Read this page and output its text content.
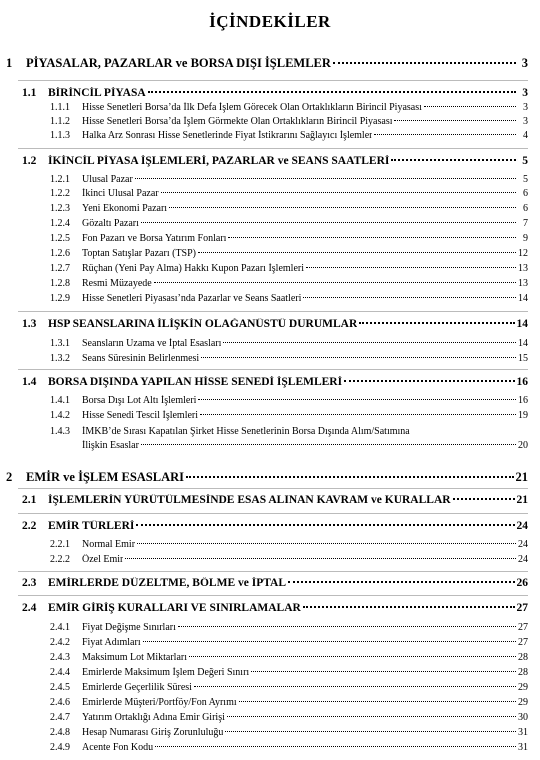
İÇİNDEKİLER
1	PİYASALAR, PAZARLAR ve BORSA DIŞI İŞLEMLER	3
1.1	BİRİNCİL PİYASA	3
1.1.1	Hisse Senetleri Borsa’da İlk Defa İşlem Görecek Olan Ortaklıkların Birincil Piyasası	3
1.1.2	Hisse Senetleri Borsa’da İşlem Görmekte Olan Ortaklıkların Birincil Piyasası	3
1.1.3	Halka Arz Sonrası Hisse Senetlerinde Fiyat İstikrarını Sağlayıcı İşlemler	4
1.2	İKİNCİL PİYASA İŞLEMLERİ, PAZARLAR ve SEANS SAATLERİ	5
1.2.1	Ulusal Pazar	5
1.2.2	İkinci Ulusal Pazar	6
1.2.3	Yeni Ekonomi Pazarı	6
1.2.4	Gözaltı Pazarı	7
1.2.5	Fon Pazarı ve Borsa Yatırım Fonları	9
1.2.6	Toptan Satışlar Pazarı (TSP)	12
1.2.7	Rüçhan (Yeni Pay Alma) Hakkı Kupon Pazarı İşlemleri	13
1.2.8	Resmi Müzayede	13
1.2.9	Hisse Senetleri Piyasası’nda Pazarlar ve Seans Saatleri	14
1.3	HSP SEANSLARINA İLİŞKİN OLAĞANÜSTÜ DURUMLAR	14
1.3.1	Seansların Uzama ve İptal Esasları	14
1.3.2	Seans Süresinin Belirlenmesi	15
1.4	BORSA DIŞINDA YAPILAN HİSSE SENEDİ İŞLEMLERİ	16
1.4.1	Borsa Dışı Lot Altı İşlemleri	16
1.4.2	Hisse Senedi Tescil İşlemleri	19
1.4.3	İMKB’de Sırası Kapatılan Şirket Hisse Senetlerinin Borsa Dışında Alım/Satımına
İlişkin Esaslar	20
2	EMİR ve İŞLEM ESASLARI	21
2.1	İŞLEMLERİN YÜRÜTÜLMESİNDE ESAS ALINAN KAVRAM ve KURALLAR	21
2.2	EMİR TÜRLERİ	24
2.2.1	Normal Emir	24
2.2.2	Özel Emir	24
2.3	EMİRLERDE DÜZELTME, BÖLME ve İPTAL	26
2.4	EMİR GİRİŞ KURALLARI VE SINIRLAMALAR	27
2.4.1	Fiyat Değişme Sınırları	27
2.4.2	Fiyat Adımları	27
2.4.3	Maksimum Lot Miktarları	28
2.4.4	Emirlerde Maksimum İşlem Değeri Sınırı	28
2.4.5	Emirlerde Geçerlilik Süresi	29
2.4.6	Emirlerde Müşteri/Portföy/Fon Ayrımı	29
2.4.7	Yatırım Ortaklığı Adına Emir Girişi	30
2.4.8	Hesap Numarası Giriş Zorunluluğu	31
2.4.9	Acente Fon Kodu	31
